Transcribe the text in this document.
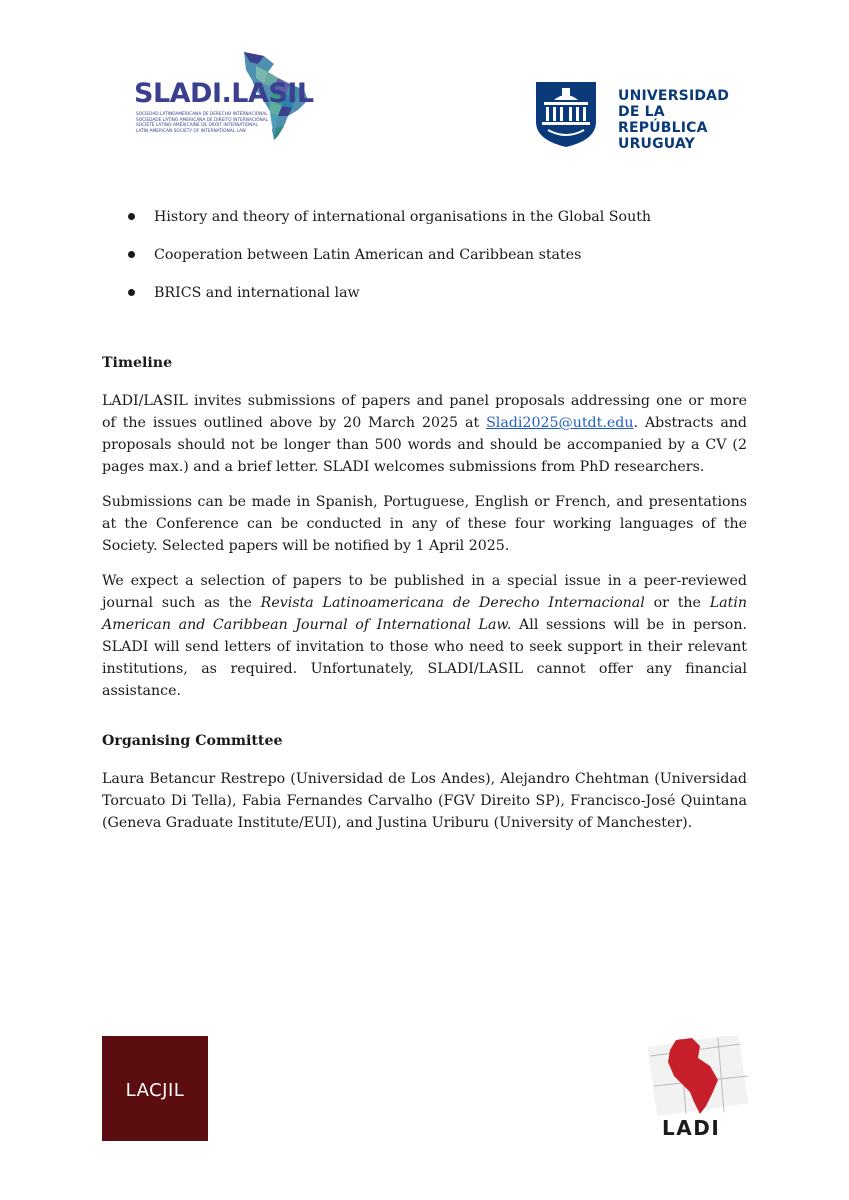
SLADI.LASIL
SOCIEDAD LATINOAMERICANA DE DERECHO INTERNACIONAL
SOCIEDADE LATINO AMERICANA DE DIREITO INTERNACIONAL
SOCIÉTÉ LATINO-AMÉRICAINE DE DROIT INTERNATIONAL
LATIN AMERICAN SOCIETY OF INTERNATIONAL LAW
UNIVERSIDAD
DE LA REPÚBLICA
URUGUAY
History and theory of international organisations in the Global South
Cooperation between Latin American and Caribbean states
BRICS and international law
Timeline

LADI/LASIL invites submissions of papers and panel proposals addressing one or more of the issues outlined above by 20 March 2025 at Sladi2025@utdt.edu. Abstracts and proposals should not be longer than 500 words and should be accompanied by a CV (2 pages max.) and a brief letter. SLADI welcomes submissions from PhD researchers.

Submissions can be made in Spanish, Portuguese, English or French, and presentations at the Conference can be conducted in any of these four working languages of the Society. Selected papers will be notified by 1 April 2025.

We expect a selection of papers to be published in a special issue in a peer-reviewed journal such as the Revista Latinoamericana de Derecho Internacional or the Latin American and Caribbean Journal of International Law. All sessions will be in person. SLADI will send letters of invitation to those who need to seek support in their relevant institutions, as required. Unfortunately, SLADI/LASIL cannot offer any financial assistance.

Organising Committee

Laura Betancur Restrepo (Universidad de Los Andes), Alejandro Chehtman (Universidad Torcuato Di Tella), Fabia Fernandes Carvalho (FGV Direito SP), Francisco-José Quintana (Geneva Graduate Institute/EUI), and Justina Uriburu (University of Manchester).

LACJIL
LADI
